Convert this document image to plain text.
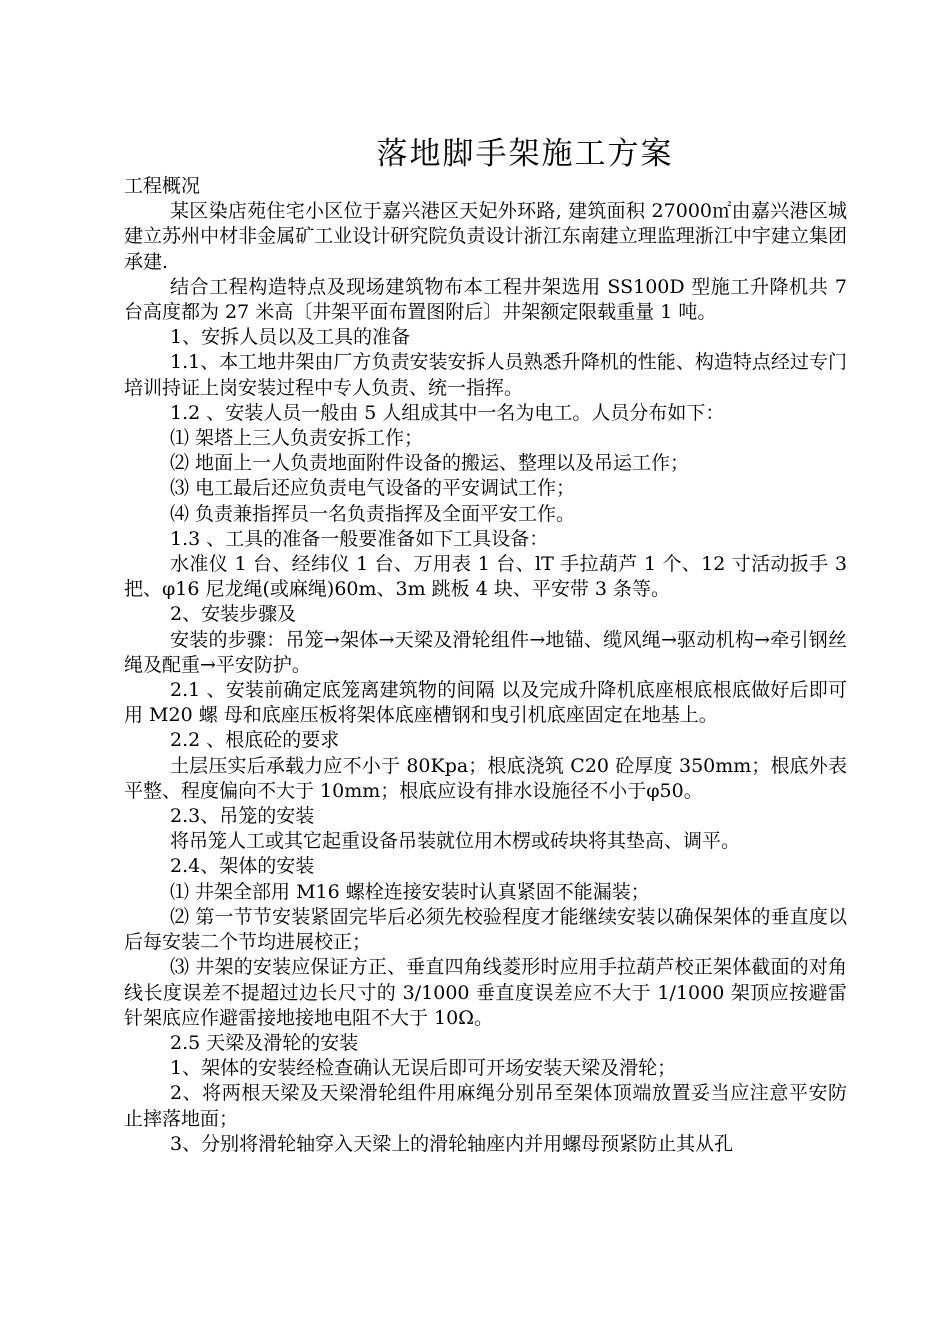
落地脚手架施工方案

工程概况

某区染店苑住宅小区位于嘉兴港区天妃外环路, 建筑面积 27000㎡由嘉兴港区城建立苏州中材非金属矿工业设计研究院负责设计浙江东南建立理监理浙江中宇建立集团承建.

结合工程构造特点及现场建筑物布本工程井架选用 SS100D 型施工升降机共 7 台高度都为 27 米高〔井架平面布置图附后〕井架额定限载重量 1 吨。

1、安拆人员以及工具的准备

1.1、本工地井架由厂方负责安装安拆人员熟悉升降机的性能、构造特点经过专门培训持证上岗安装过程中专人负责、统一指挥。

1.2 、安装人员一般由 5 人组成其中一名为电工。人员分布如下：

⑴ 架塔上三人负责安拆工作；

⑵ 地面上一人负责地面附件设备的搬运、整理以及吊运工作；

⑶ 电工最后还应负责电气设备的平安调试工作；

⑷ 负责兼指挥员一名负责指挥及全面平安工作。

1.3 、工具的准备一般要准备如下工具设备：

水准仪 1 台、经纬仪 1 台、万用表 1 台、lT 手拉葫芦 1 个、12 寸活动扳手 3 把、φ16 尼龙绳(或麻绳)60m、3m 跳板 4 块、平安带 3 条等。

2、安装步骤及

安装的步骤：吊笼→架体→天梁及滑轮组件→地锚、缆风绳→驱动机构→牵引钢丝绳及配重→平安防护。

2.1 、安装前确定底笼离建筑物的间隔 以及完成升降机底座根底根底做好后即可用 M20 螺 母和底座压板将架体底座槽钢和曳引机底座固定在地基上。

2.2 、根底砼的要求

土层压实后承载力应不小于 80Kpa；根底浇筑 C20 砼厚度 350mm；根底外表平整、程度偏向不大于 10mm；根底应设有排水设施径不小于φ50。

2.3、吊笼的安装

将吊笼人工或其它起重设备吊装就位用木楞或砖块将其垫高、调平。

2.4、架体的安装

⑴ 井架全部用 M16 螺栓连接安装时认真紧固不能漏装；

⑵ 第一节节安装紧固完毕后必须先校验程度才能继续安装以确保架体的垂直度以后每安装二个节均进展校正；

⑶ 井架的安装应保证方正、垂直四角线菱形时应用手拉葫芦校正架体截面的对角线长度误差不提超过边长尺寸的 3/1000 垂直度误差应不大于 1/1000 架顶应按避雷针架底应作避雷接地接地电阻不大于 10Ω。

2.5 天梁及滑轮的安装

1、架体的安装经检查确认无误后即可开场安装天梁及滑轮；

2、将两根天梁及天梁滑轮组件用麻绳分别吊至架体顶端放置妥当应注意平安防止摔落地面；

3、分别将滑轮轴穿入天梁上的滑轮轴座内并用螺母预紧防止其从孔
